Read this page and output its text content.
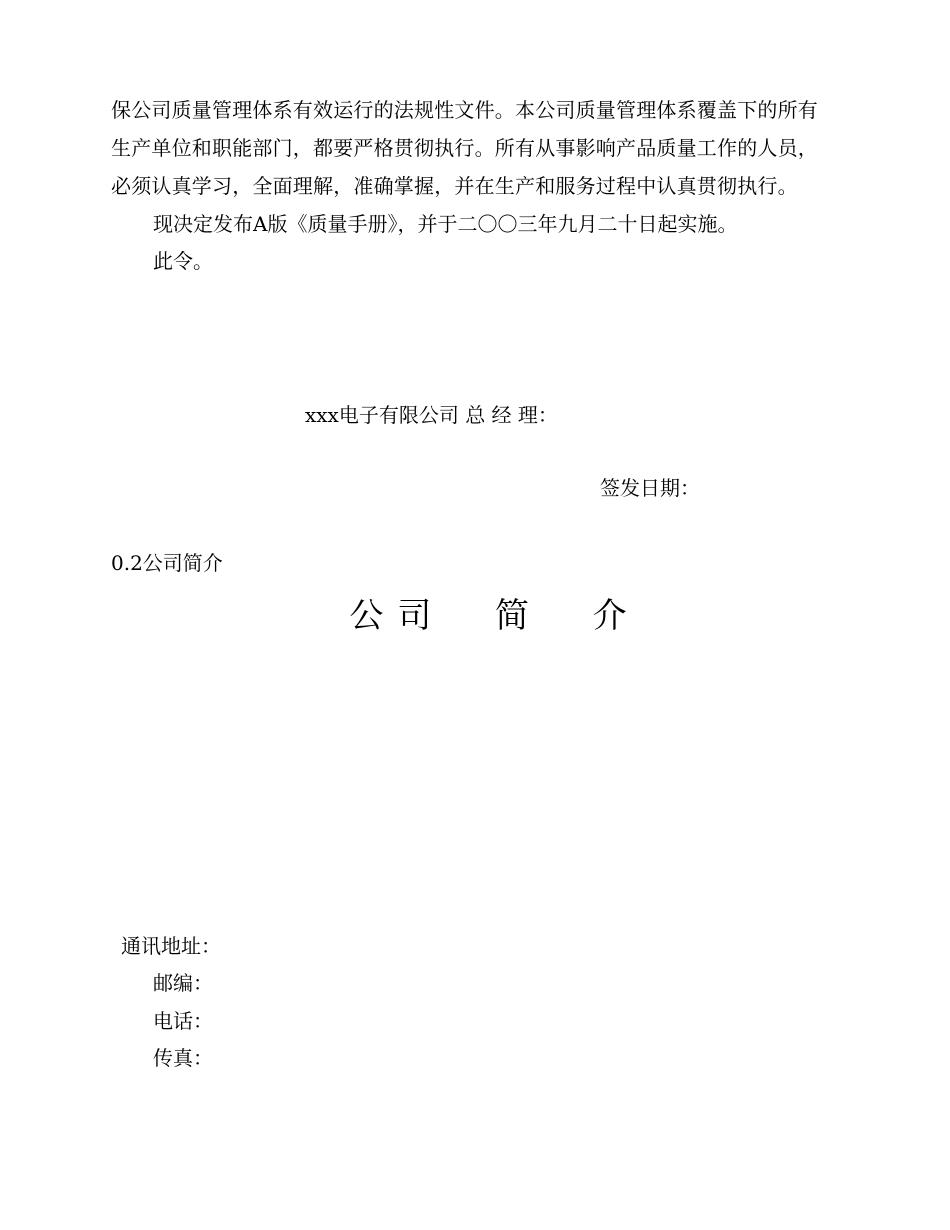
保公司质量管理体系有效运行的法规性文件。本公司质量管理体系覆盖下的所有
生产单位和职能部门，都要严格贯彻执行。所有从事影响产品质量工作的人员，
必须认真学习，全面理解，准确掌握，并在生产和服务过程中认真贯彻执行。
现决定发布A版《质量手册》，并于二〇〇三年九月二十日起实施。
此令。
xxx电子有限公司 总 经 理：
签发日期：
0.2公司简介
公司  简  介
通讯地址：
邮编：
电话：
传真：
